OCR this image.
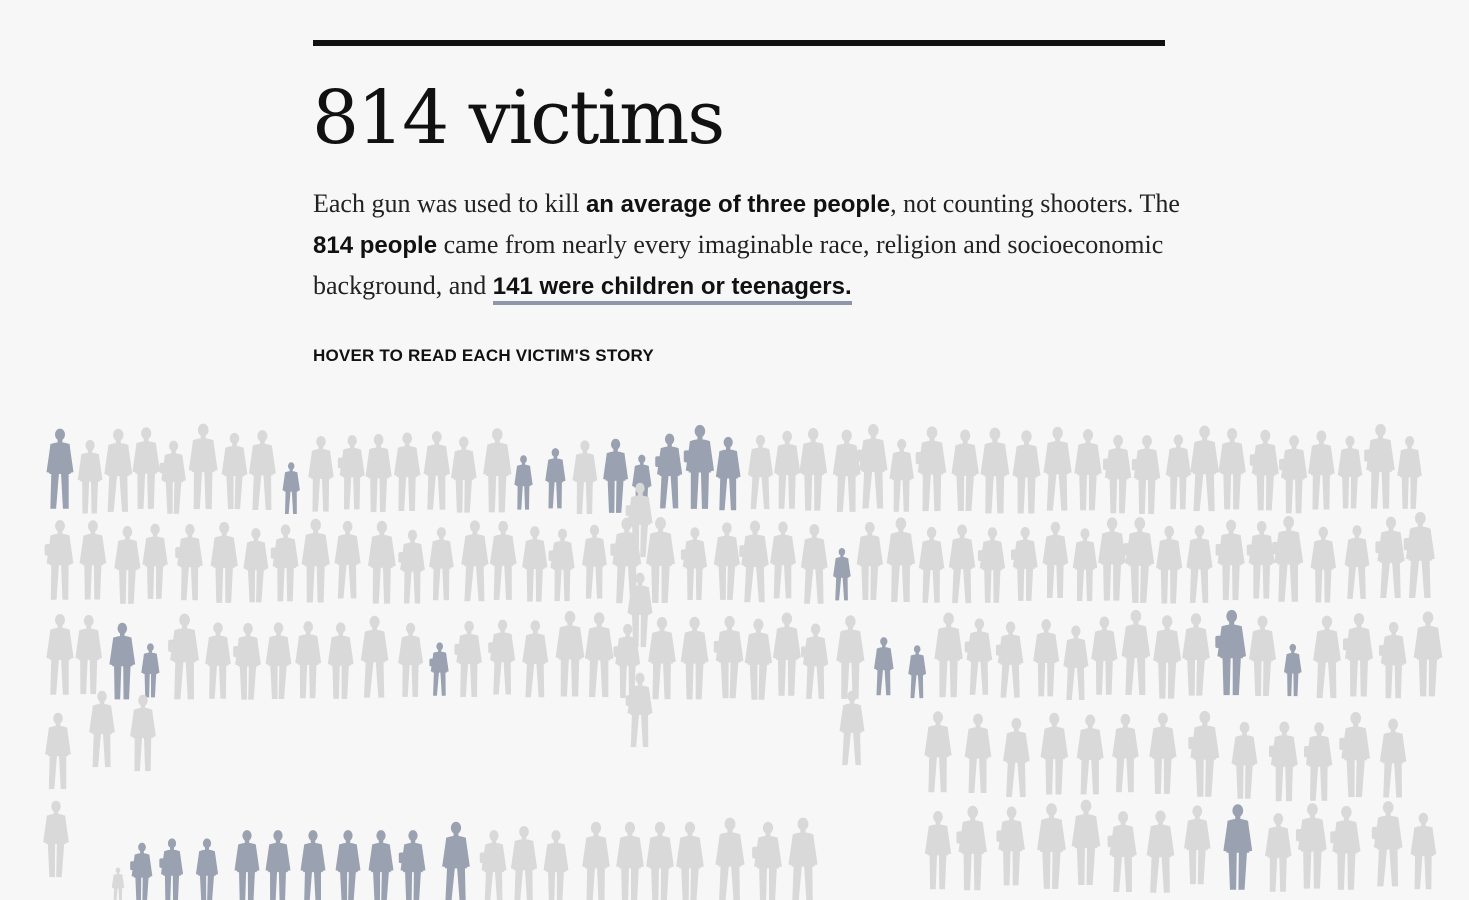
814 victims

Each gun was used to kill an average of three people, not counting shooters. The 814 people came from nearly every imaginable race, religion and socioeconomic background, and 141 were children or teenagers.

HOVER TO READ EACH VICTIM'S STORY
